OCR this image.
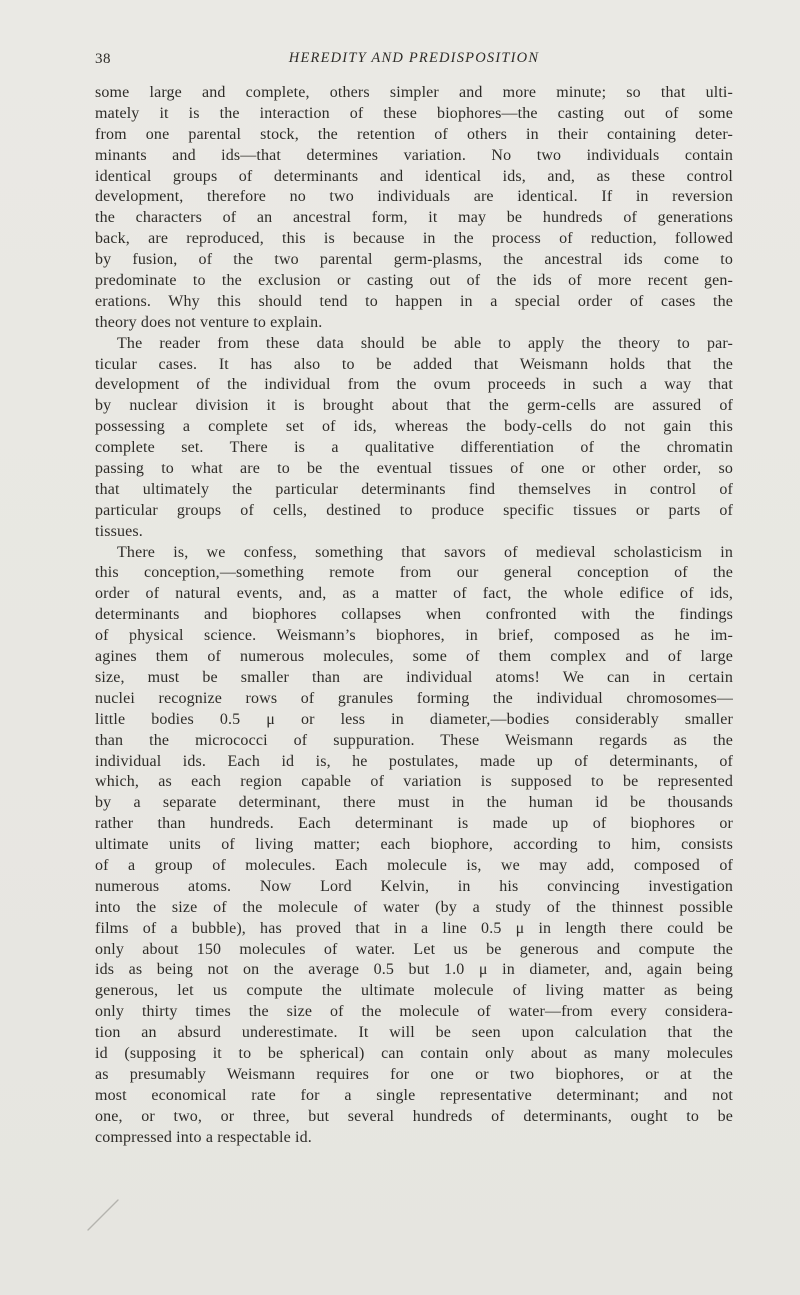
38	HEREDITY AND PREDISPOSITION
some large and complete, others simpler and more minute; so that ulti-
mately it is the interaction of these biophores—the casting out of some
from one parental stock, the retention of others in their containing deter-
minants and ids—that determines variation. No two individuals contain
identical groups of determinants and identical ids, and, as these control
development, therefore no two individuals are identical. If in reversion
the characters of an ancestral form, it may be hundreds of generations
back, are reproduced, this is because in the process of reduction, followed
by fusion, of the two parental germ-plasms, the ancestral ids come to
predominate to the exclusion or casting out of the ids of more recent gen-
erations. Why this should tend to happen in a special order of cases the
theory does not venture to explain.
The reader from these data should be able to apply the theory to par-
ticular cases. It has also to be added that Weismann holds that the
development of the individual from the ovum proceeds in such a way that
by nuclear division it is brought about that the germ-cells are assured of
possessing a complete set of ids, whereas the body-cells do not gain this
complete set. There is a qualitative differentiation of the chromatin
passing to what are to be the eventual tissues of one or other order, so
that ultimately the particular determinants find themselves in control of
particular groups of cells, destined to produce specific tissues or parts of
tissues.
There is, we confess, something that savors of medieval scholasticism in
this conception,—something remote from our general conception of the
order of natural events, and, as a matter of fact, the whole edifice of ids,
determinants and biophores collapses when confronted with the findings
of physical science. Weismann’s biophores, in brief, composed as he im-
agines them of numerous molecules, some of them complex and of large
size, must be smaller than are individual atoms! We can in certain
nuclei recognize rows of granules forming the individual chromosomes—
little bodies 0.5 μ or less in diameter,—bodies considerably smaller
than the micrococci of suppuration. These Weismann regards as the
individual ids. Each id is, he postulates, made up of determinants, of
which, as each region capable of variation is supposed to be represented
by a separate determinant, there must in the human id be thousands
rather than hundreds. Each determinant is made up of biophores or
ultimate units of living matter; each biophore, according to him, consists
of a group of molecules. Each molecule is, we may add, composed of
numerous atoms. Now Lord Kelvin, in his convincing investigation
into the size of the molecule of water (by a study of the thinnest possible
films of a bubble), has proved that in a line 0.5 μ in length there could be
only about 150 molecules of water. Let us be generous and compute the
ids as being not on the average 0.5 but 1.0 μ in diameter, and, again being
generous, let us compute the ultimate molecule of living matter as being
only thirty times the size of the molecule of water—from every considera-
tion an absurd underestimate. It will be seen upon calculation that the
id (supposing it to be spherical) can contain only about as many molecules
as presumably Weismann requires for one or two biophores, or at the
most economical rate for a single representative determinant; and not
one, or two, or three, but several hundreds of determinants, ought to be
compressed into a respectable id.
